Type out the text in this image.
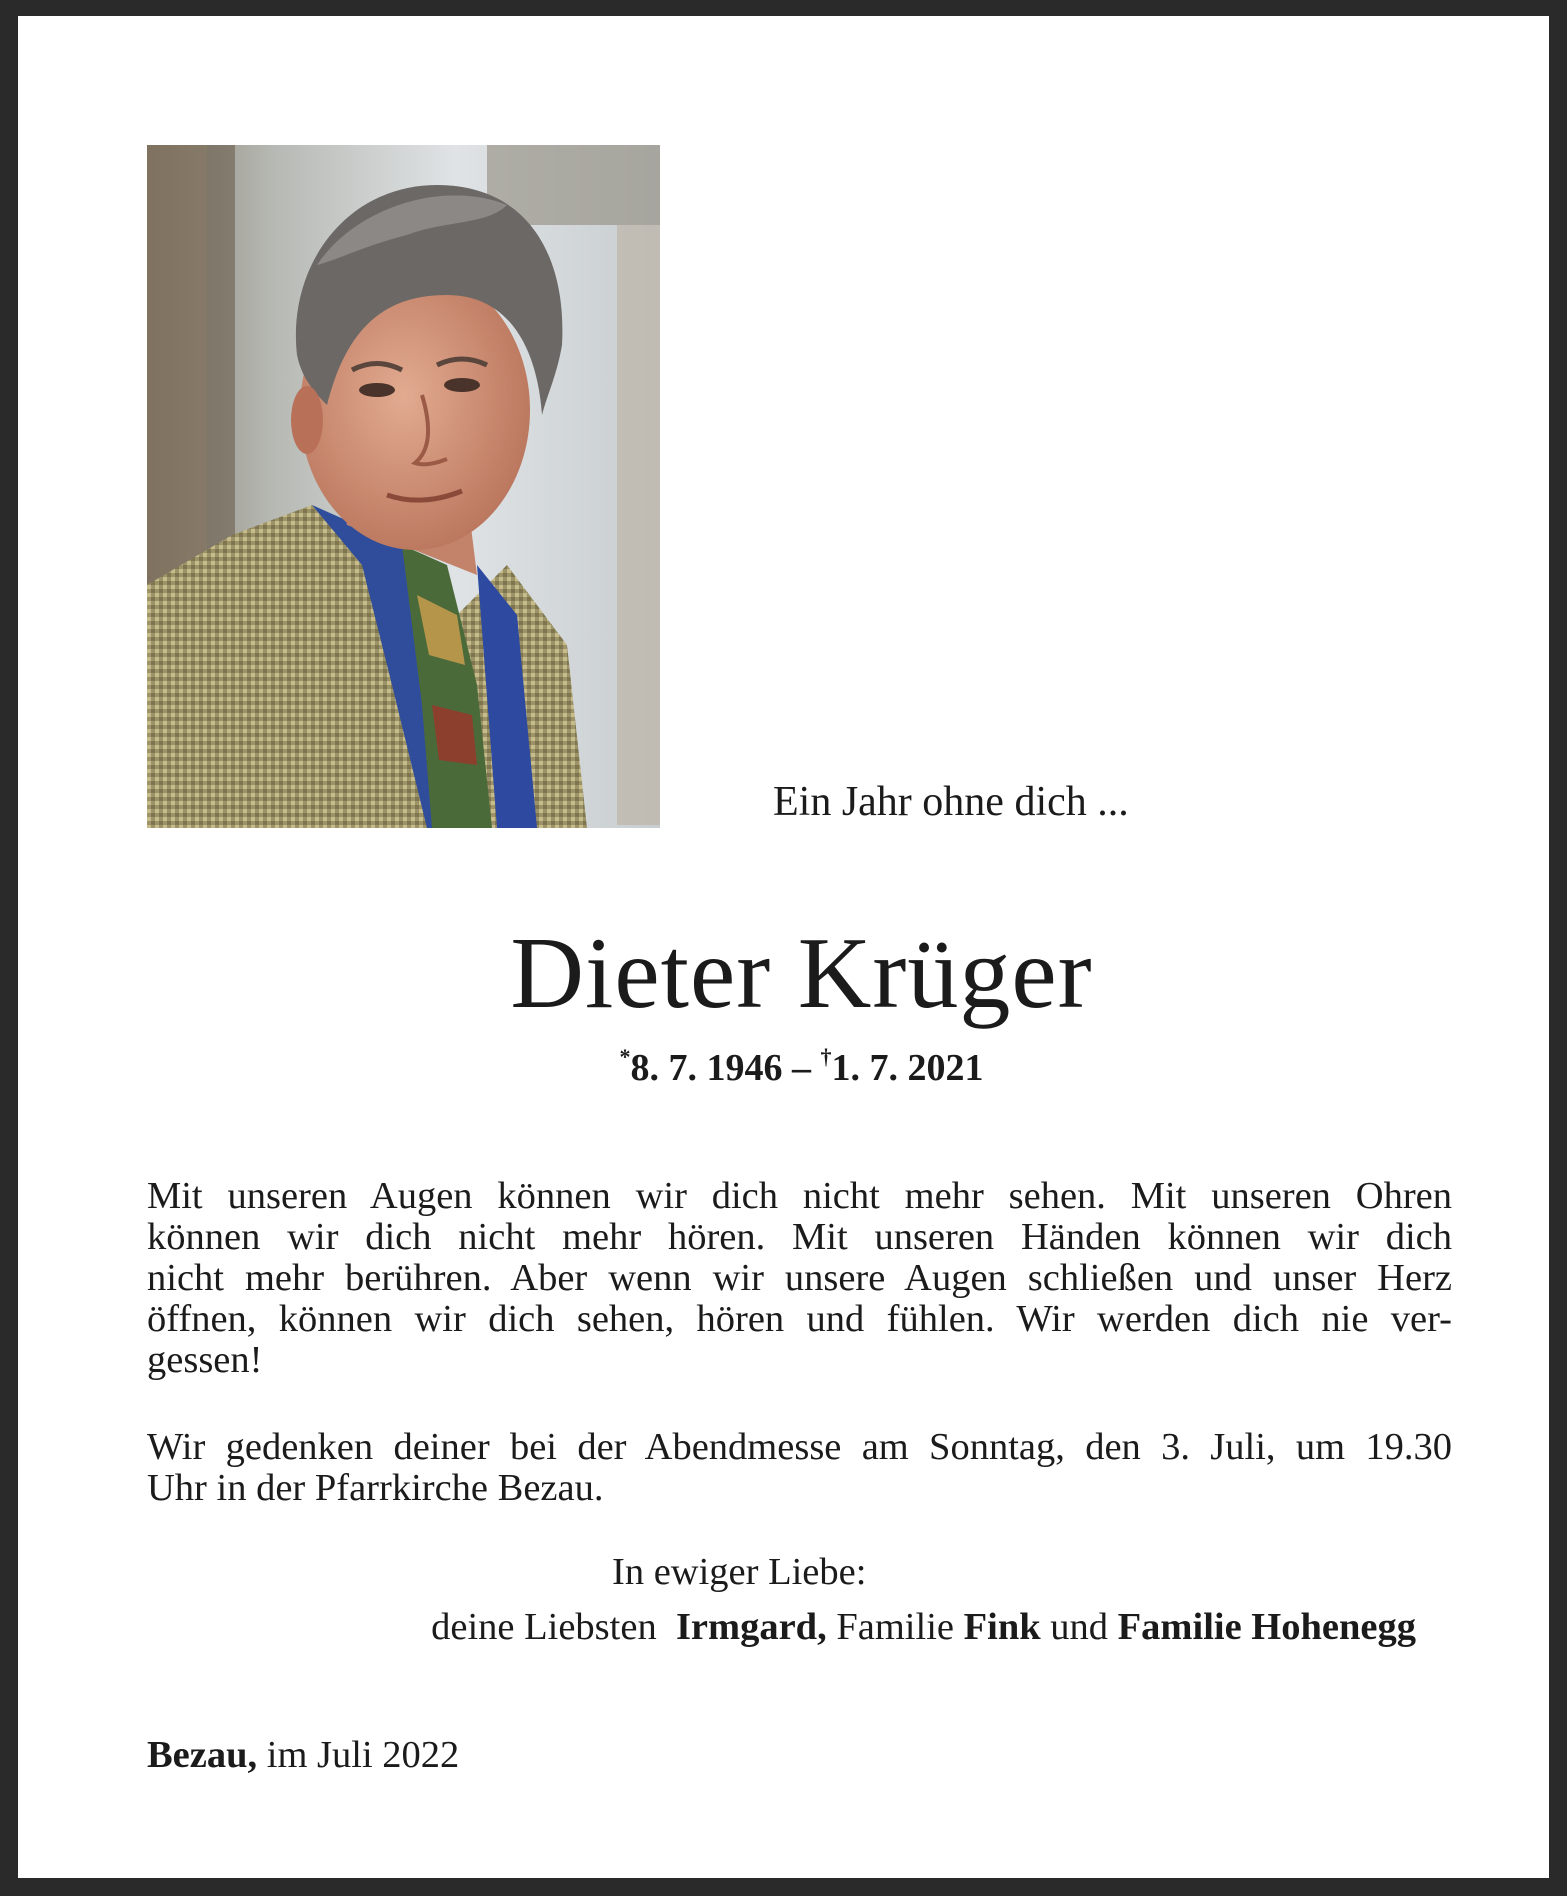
Ein Jahr ohne dich ...
Dieter Krüger
*8. 7. 1946 – †1. 7. 2021
Mit unseren Augen können wir dich nicht mehr sehen. Mit unseren Ohren
können wir dich nicht mehr hören. Mit unseren Händen können wir dich
nicht mehr berühren. Aber wenn wir unsere Augen schließen und unser Herz
öffnen, können wir dich sehen, hören und fühlen. Wir werden dich nie ver-
gessen!
Wir gedenken deiner bei der Abendmesse am Sonntag, den 3. Juli, um 19.30
Uhr in der Pfarrkirche Bezau.
In ewiger Liebe:
deine Liebsten Irmgard, Familie Fink und Familie Hohenegg
Bezau, im Juli 2022
